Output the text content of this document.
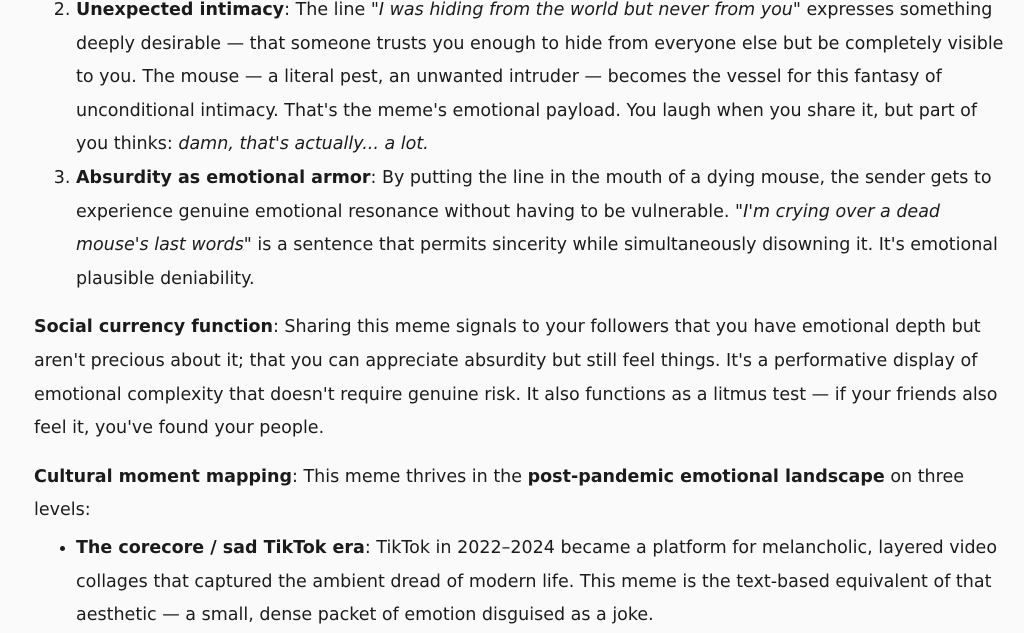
2. Unexpected intimacy: The line "I was hiding from the world but never from you" expresses something deeply desirable — that someone trusts you enough to hide from everyone else but be completely visible to you. The mouse — a literal pest, an unwanted intruder — becomes the vessel for this fantasy of unconditional intimacy. That's the meme's emotional payload. You laugh when you share it, but part of you thinks: damn, that's actually... a lot.
3. Absurdity as emotional armor: By putting the line in the mouth of a dying mouse, the sender gets to experience genuine emotional resonance without having to be vulnerable. "I'm crying over a dead mouse's last words" is a sentence that permits sincerity while simultaneously disowning it. It's emotional plausible deniability.

Social currency function: Sharing this meme signals to your followers that you have emotional depth but aren't precious about it; that you can appreciate absurdity but still feel things. It's a performative display of emotional complexity that doesn't require genuine risk. It also functions as a litmus test — if your friends also feel it, you've found your people.

Cultural moment mapping: This meme thrives in the post-pandemic emotional landscape on three levels:

• The corecore / sad TikTok era: TikTok in 2022–2024 became a platform for melancholic, layered video collages that captured the ambient dread of modern life. This meme is the text-based equivalent of that aesthetic — a small, dense packet of emotion disguised as a joke.
